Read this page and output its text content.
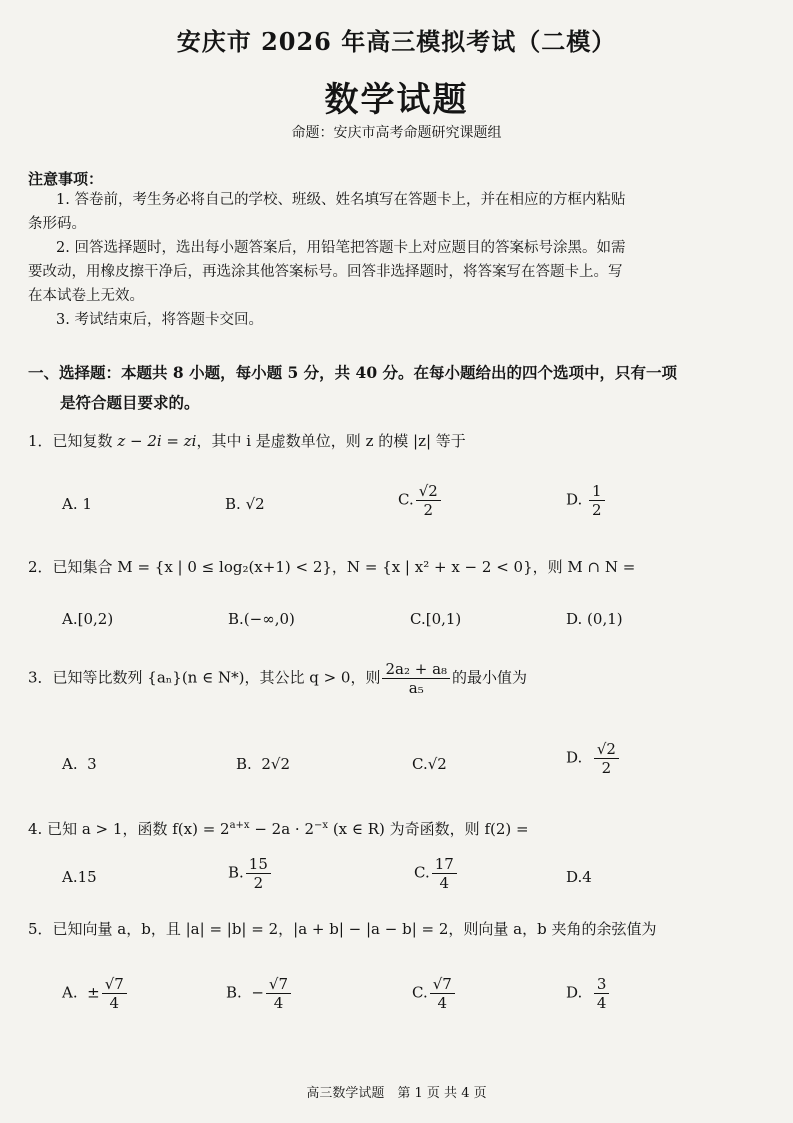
安庆市 2026 年高三模拟考试（二模）
数学试题
命题：安庆市高考命题研究课题组
注意事项：
1. 答卷前，考生务必将自己的学校、班级、姓名填写在答题卡上，并在相应的方框内粘贴
条形码。
2. 回答选择题时，选出每小题答案后，用铅笔把答题卡上对应题目的答案标号涂黑。如需
要改动，用橡皮擦干净后，再选涂其他答案标号。回答非选择题时，将答案写在答题卡上。写
在本试卷上无效。
3. 考试结束后，将答题卡交回。
一、选择题：本题共 8 小题，每小题 5 分，共 40 分。在每小题给出的四个选项中，只有一项
是符合题目要求的。
1．已知复数 z − 2i = zi，其中 i 是虚数单位，则 z 的模 |z| 等于
A. 1	B. √2	C. $\frac{√2}{2}$	D. $\frac{1}{2}$
2．已知集合 M = {x | 0 ≤ log₂(x+1) < 2}，N = {x | x² + x − 2 < 0}，则 M ∩ N =
A.[0,2)	B.(−∞,0)	C.[0,1)	D. (0,1)
3．已知等比数列 {aₙ}(n ∈ N*)，其公比 q > 0，则 $\frac{\text{2a₂ + a₈}}{\text{a₅}}$ 的最小值为
A. 3	B. 2√2	C.√2	D. $\frac{√2}{2}$
4. 已知 a > 1，函数 $f(x) = 2^{a+x} - 2a \cdot 2^{-x}$ (x ∈ R) 为奇函数，则 f(2) =
A.15	B. $\frac{15}{2}$	C. $\frac{17}{4}$	D.4
5．已知向量 a，b，且 |a| = |b| = 2，|a + b| − |a − b| = 2，则向量 a，b 夹角的余弦值为
A. ± $\frac{√7}{4}$	B. − $\frac{√7}{4}$	C. $\frac{√7}{4}$	D. $\frac{3}{4}$
高三数学试题　第 1 页 共 4 页
